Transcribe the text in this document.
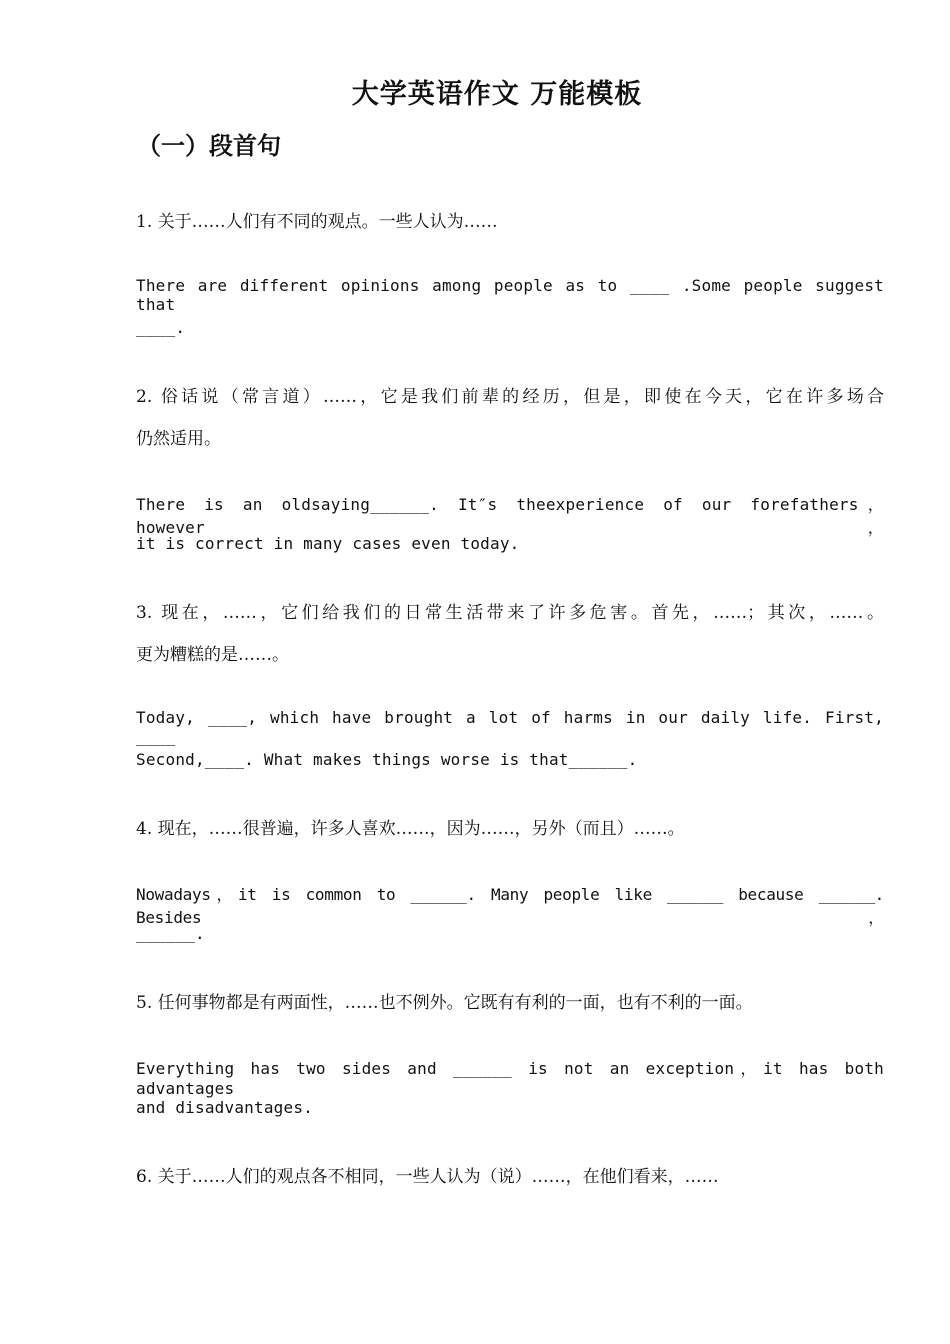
大学英语作文 万能模板
（一）段首句

1. 关于……人们有不同的观点。一些人认为……

There are different opinions among people as to ____ .Some people suggest that

____.

2. 俗话说（常言道）……，它是我们前辈的经历，但是，即使在今天，它在许多场合

仍然适用。

There is an oldsaying______. It″s theexperience of our forefathers，however，

it is correct in many cases even today.

3. 现在，……，它们给我们的日常生活带来了许多危害。首先，……；其次，……。

更为糟糕的是……。

Today, ____, which have brought a lot of harms in our daily life. First, ____

Second,____. What makes things worse is that______.

4. 现在，……很普遍，许多人喜欢……，因为……，另外（而且）……。

Nowadays，it is common to ______. Many people like ______ because ______. Besides，

______.

5. 任何事物都是有两面性，……也不例外。它既有有利的一面，也有不利的一面。

Everything has two sides and ______ is not an exception，it has both advantages

and disadvantages.

6. 关于……人们的观点各不相同，一些人认为（说）……，在他们看来，……
